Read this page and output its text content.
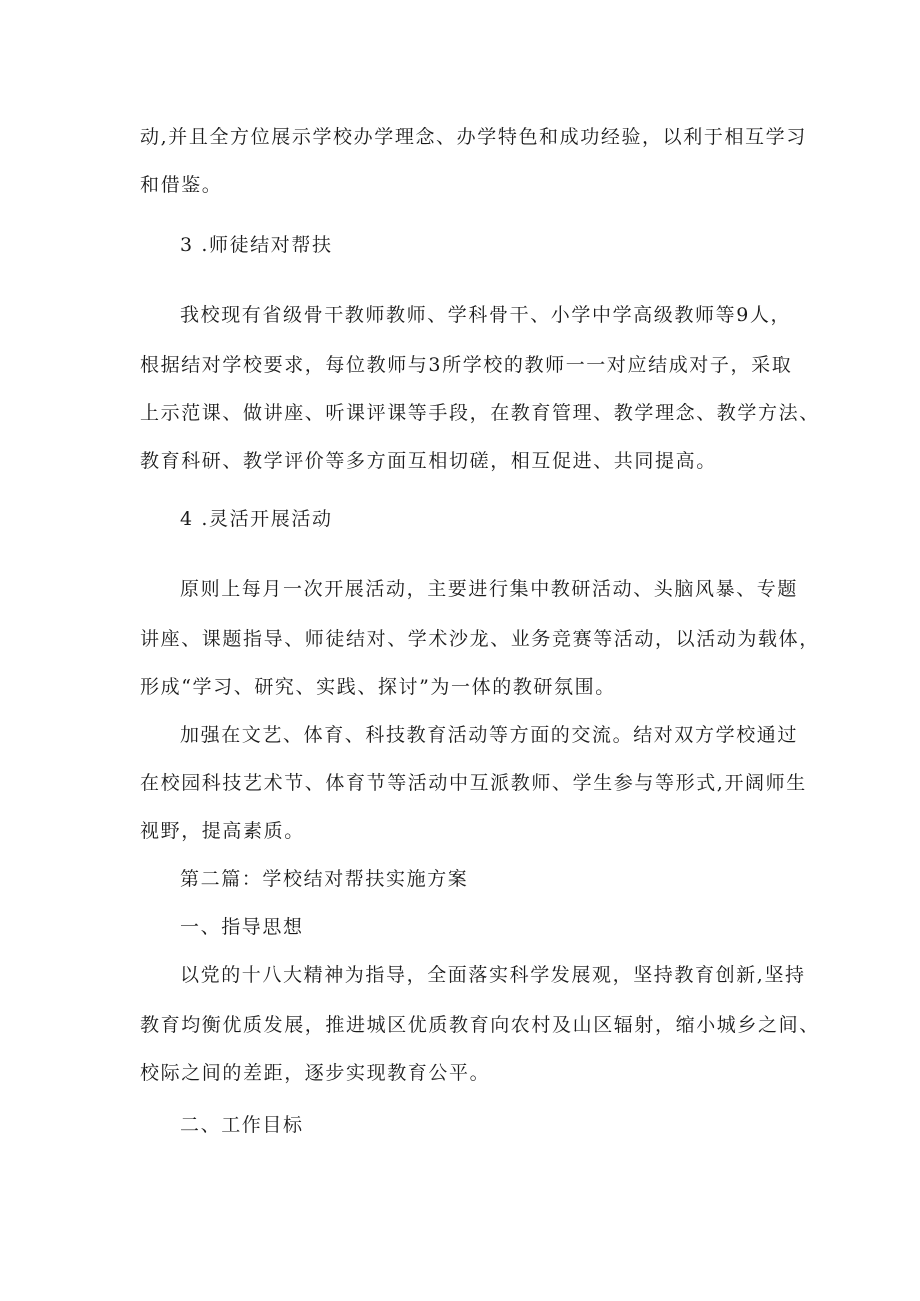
动,并且全方位展示学校办学理念、办学特色和成功经验，以利于相互学习
和借鉴。
3 .师徒结对帮扶
我校现有省级骨干教师教师、学科骨干、小学中学高级教师等9人，
根据结对学校要求，每位教师与3所学校的教师一一对应结成对子，采取
上示范课、做讲座、听课评课等手段，在教育管理、教学理念、教学方法、
教育科研、教学评价等多方面互相切磋，相互促进、共同提高。
4 .灵活开展活动
原则上每月一次开展活动，主要进行集中教研活动、头脑风暴、专题
讲座、课题指导、师徒结对、学术沙龙、业务竞赛等活动，以活动为载体，
形成“学习、研究、实践、探讨”为一体的教研氛围。
加强在文艺、体育、科技教育活动等方面的交流。结对双方学校通过
在校园科技艺术节、体育节等活动中互派教师、学生参与等形式,开阔师生
视野，提高素质。
第二篇：学校结对帮扶实施方案
一、指导思想
以党的十八大精神为指导，全面落实科学发展观，坚持教育创新,坚持
教育均衡优质发展，推进城区优质教育向农村及山区辐射，缩小城乡之间、
校际之间的差距，逐步实现教育公平。
二、工作目标
